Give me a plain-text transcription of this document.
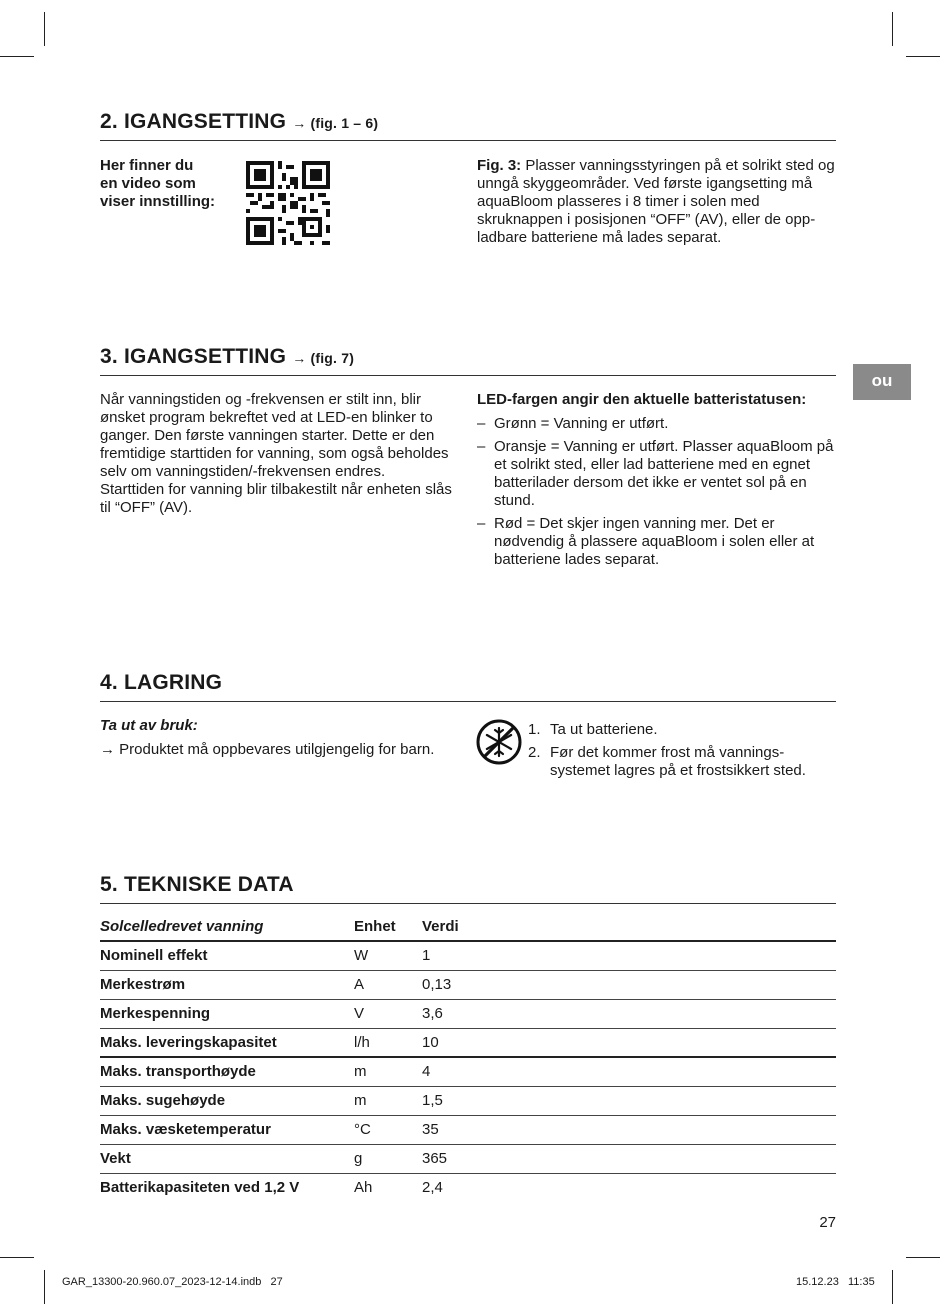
2. IGANGSETTING → (fig. 1 – 6)
Her finner du
en video som
viser innstilling:
Fig. 3: Plasser vanningsstyringen på et solrikt sted og unngå skyggeområder. Ved første igangsetting må aquaBloom plasseres i 8 timer i solen med skruknappen i posisjonen “OFF” (AV), eller de oppladbare batteriene må lades separat.
3. IGANGSETTING → (fig. 7)
Når vanningstiden og -frekvensen er stilt inn, blir ønsket program bekreftet ved at LED-en blinker to ganger. Den første vanningen starter. Dette er den fremtidige starttiden for vanning, som også beholdes selv om vanningstiden/-frekvensen endres. Starttiden for vanning blir tilbakestilt når enheten slås til “OFF” (AV).
LED-fargen angir den aktuelle batteristatusen:
– Grønn = Vanning er utført.
– Oransje = Vanning er utført. Plasser aquaBloom på et solrikt sted, eller lad batteriene med en egnet batterilader dersom det ikke er ventet sol på en stund.
– Rød = Det skjer ingen vanning mer. Det er nødvendig å plassere aquaBloom i solen eller at batteriene lades separat.
no
4. LAGRING
Ta ut av bruk:
→ Produktet må oppbevares utilgjengelig for barn.
1. Ta ut batteriene.
2. Før det kommer frost må vanningssystemet lagres på et frostsikkert sted.
5. TEKNISKE DATA
Solcelledrevet vanning	Enhet	Verdi
Nominell effekt	W	1
Merkestrøm	A	0,13
Merkespenning	V	3,6
Maks. leveringskapasitet	l/h	10
Maks. transporthøyde	m	4
Maks. sugehøyde	m	1,5
Maks. væsketemperatur	°C	35
Vekt	g	365
Batterikapasiteten ved 1,2 V	Ah	2,4
27
GAR_13300-20.960.07_2023-12-14.indb   27	15.12.23   11:35
